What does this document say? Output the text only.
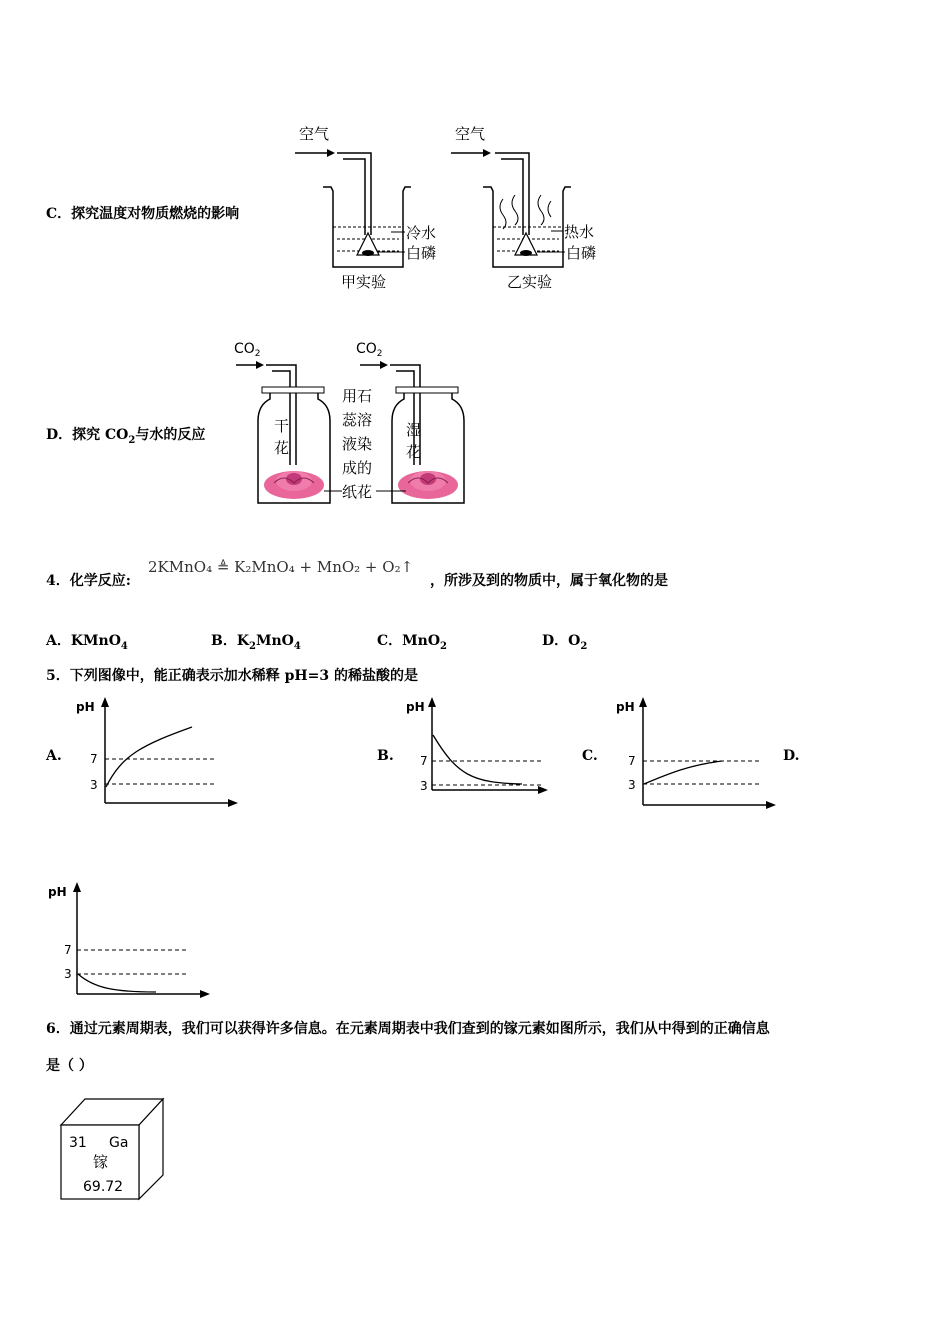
C．探究温度对物质燃烧的影响
空气
冷水
白磷
甲实验
空气
热水
白磷
乙实验
D．探究 $CO_2$与水的反应
$CO_2$
干
花
$CO_2$
湿
花
用石
蕊溶
液染
成的
纸花
4．化学反应:
2KMnO₄ ≜ K₂MnO₄ + MnO₂ + O₂↑
，所涉及到的物质中，属于氧化物的是
A．KMnO$_4$	B．$K_2MnO_4$	C．MnO$_2$	D．$O_2$
5．下列图像中，能正确表示加水稀释 pH=3 的稀盐酸的是
A.	B.	C.	D.
pH
7
3
pH
7
3
pH
7
3
pH
7
3
6．通过元素周期表，我们可以获得许多信息。在元素周期表中我们查到的镓元素如图所示，我们从中得到的正确信息
是（ ）
31 Ga
镓
69.72
